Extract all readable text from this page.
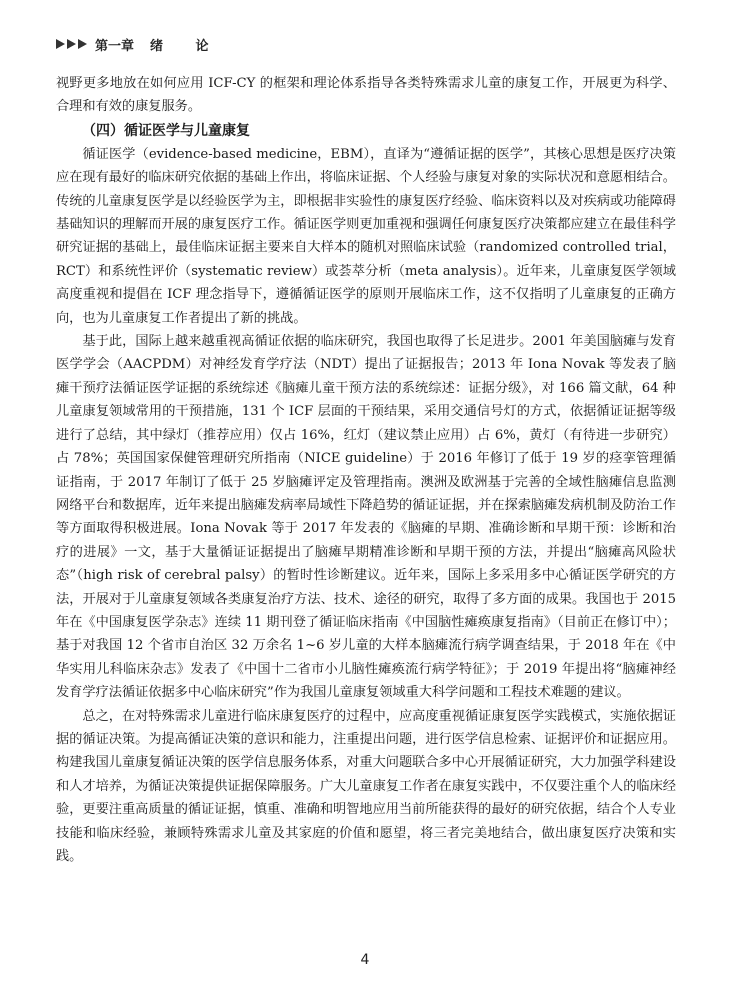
第一章 绪 论

视野更多地放在如何应用 ICF-CY 的框架和理论体系指导各类特殊需求儿童的康复工作，开展更为科学、合理和有效的康复服务。

（四）循证医学与儿童康复

循证医学（evidence-based medicine，EBM），直译为“遵循证据的医学”，其核心思想是医疗决策应在现有最好的临床研究依据的基础上作出，将临床证据、个人经验与康复对象的实际状况和意愿相结合。传统的儿童康复医学是以经验医学为主，即根据非实验性的康复医疗经验、临床资料以及对疾病或功能障碍基础知识的理解而开展的康复医疗工作。循证医学则更加重视和强调任何康复医疗决策都应建立在最佳科学研究证据的基础上，最佳临床证据主要来自大样本的随机对照临床试验（randomized controlled trial，RCT）和系统性评价（systematic review）或荟萃分析（meta analysis）。近年来，儿童康复医学领域高度重视和提倡在 ICF 理念指导下，遵循循证医学的原则开展临床工作，这不仅指明了儿童康复的正确方向，也为儿童康复工作者提出了新的挑战。

基于此，国际上越来越重视高循证依据的临床研究，我国也取得了长足进步。2001 年美国脑瘫与发育医学学会（AACPDM）对神经发育学疗法（NDT）提出了证据报告；2013 年 Iona Novak 等发表了脑瘫干预疗法循证医学证据的系统综述《脑瘫儿童干预方法的系统综述：证据分级》，对 166 篇文献，64 种儿童康复领域常用的干预措施，131 个 ICF 层面的干预结果，采用交通信号灯的方式，依据循证证据等级进行了总结，其中绿灯（推荐应用）仅占 16%，红灯（建议禁止应用）占 6%，黄灯（有待进一步研究）占 78%；英国国家保健管理研究所指南（NICE guideline）于 2016 年修订了低于 19 岁的痉挛管理循证指南，于 2017 年制订了低于 25 岁脑瘫评定及管理指南。澳洲及欧洲基于完善的全域性脑瘫信息监测网络平台和数据库，近年来提出脑瘫发病率局域性下降趋势的循证证据，并在探索脑瘫发病机制及防治工作等方面取得积极进展。Iona Novak 等于 2017 年发表的《脑瘫的早期、准确诊断和早期干预：诊断和治疗的进展》一文，基于大量循证证据提出了脑瘫早期精准诊断和早期干预的方法，并提出“脑瘫高风险状态”（high risk of cerebral palsy）的暂时性诊断建议。近年来，国际上多采用多中心循证医学研究的方法，开展对于儿童康复领域各类康复治疗方法、技术、途径的研究，取得了多方面的成果。我国也于 2015 年在《中国康复医学杂志》连续 11 期刊登了循证临床指南《中国脑性瘫痪康复指南》（目前正在修订中）；基于对我国 12 个省市自治区 32 万余名 1~6 岁儿童的大样本脑瘫流行病学调查结果，于 2018 年在《中华实用儿科临床杂志》发表了《中国十二省市小儿脑性瘫痪流行病学特征》；于 2019 年提出将“脑瘫神经发育学疗法循证依据多中心临床研究”作为我国儿童康复领域重大科学问题和工程技术难题的建议。

总之，在对特殊需求儿童进行临床康复医疗的过程中，应高度重视循证康复医学实践模式，实施依据证据的循证决策。为提高循证决策的意识和能力，注重提出问题，进行医学信息检索、证据评价和证据应用。构建我国儿童康复循证决策的医学信息服务体系，对重大问题联合多中心开展循证研究，大力加强学科建设和人才培养，为循证决策提供证据保障服务。广大儿童康复工作者在康复实践中，不仅要注重个人的临床经验，更要注重高质量的循证证据，慎重、准确和明智地应用当前所能获得的最好的研究依据，结合个人专业技能和临床经验，兼顾特殊需求儿童及其家庭的价值和愿望，将三者完美地结合，做出康复医疗决策和实践。

4
